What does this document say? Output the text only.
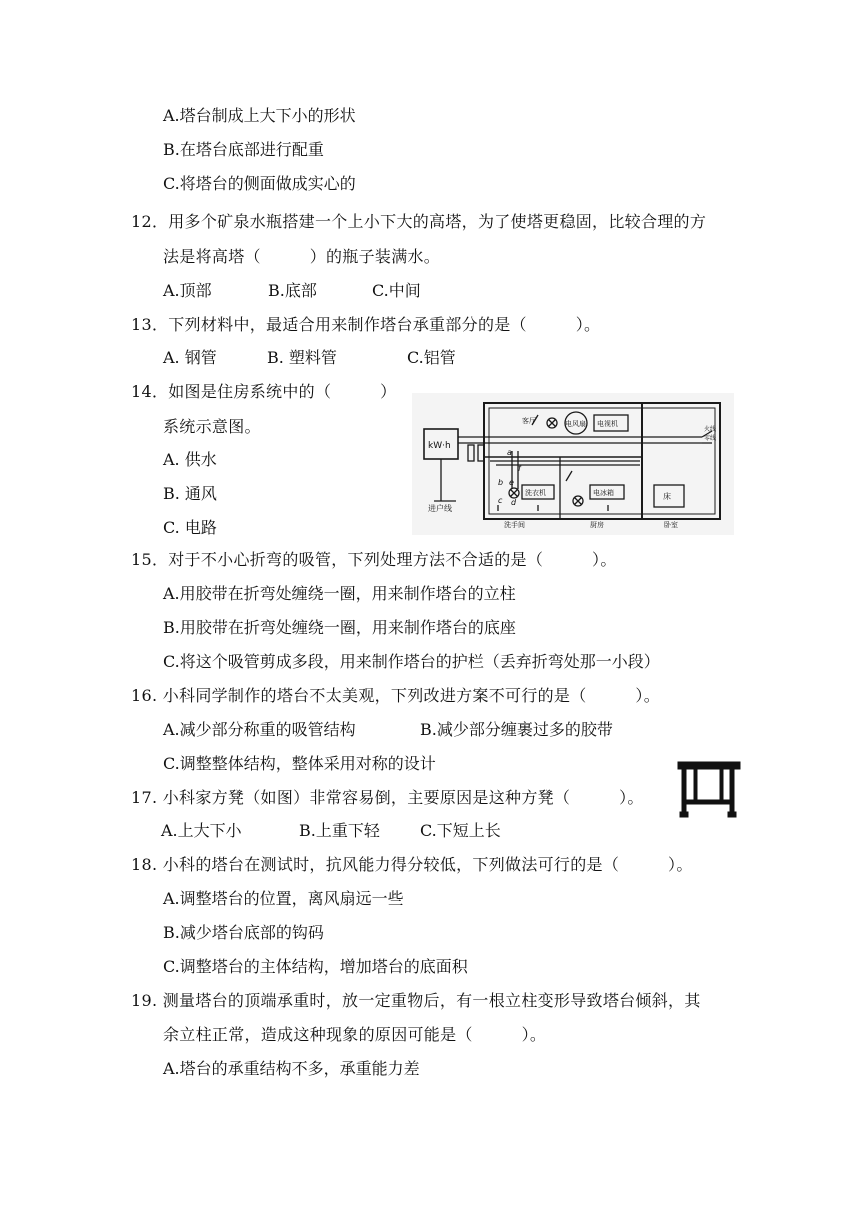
A.塔台制成上大下小的形状
B.在塔台底部进行配重
C.将塔台的侧面做成实心的
12．用多个矿泉水瓶搭建一个上小下大的高塔，为了使塔更稳固，比较合理的方
法是将高塔（　　　）的瓶子装满水。
A.顶部	B.底部	C.中间
13．下列材料中，最适合用来制作塔台承重部分的是（　　　）。
A. 钢管	B. 塑料管	C.铝管
14．如图是住房系统中的（　　　）
系统示意图。
A. 供水
B. 通风
C. 电路
kW·h
客厅	电风扇 电视机
火线
零线
洗衣机	电冰箱	床
进户线
洗手间	厨房	卧室
a
b
c d
e
f
15．对于不小心折弯的吸管，下列处理方法不合适的是（　　　）。
A.用胶带在折弯处缠绕一圈，用来制作塔台的立柱
B.用胶带在折弯处缠绕一圈，用来制作塔台的底座
C.将这个吸管剪成多段，用来制作塔台的护栏（丢弃折弯处那一小段）
16. 小科同学制作的塔台不太美观，下列改进方案不可行的是（　　　）。
A.减少部分称重的吸管结构	B.减少部分缠裹过多的胶带
C.调整整体结构，整体采用对称的设计
17. 小科家方凳（如图）非常容易倒，主要原因是这种方凳（　　　）。
A.上大下小	B.上重下轻	C.下短上长
18. 小科的塔台在测试时，抗风能力得分较低，下列做法可行的是（　　　）。
A.调整塔台的位置，离风扇远一些
B.减少塔台底部的钩码
C.调整塔台的主体结构，增加塔台的底面积
19. 测量塔台的顶端承重时，放一定重物后，有一根立柱变形导致塔台倾斜，其
余立柱正常，造成这种现象的原因可能是（　　　）。
A.塔台的承重结构不多，承重能力差
